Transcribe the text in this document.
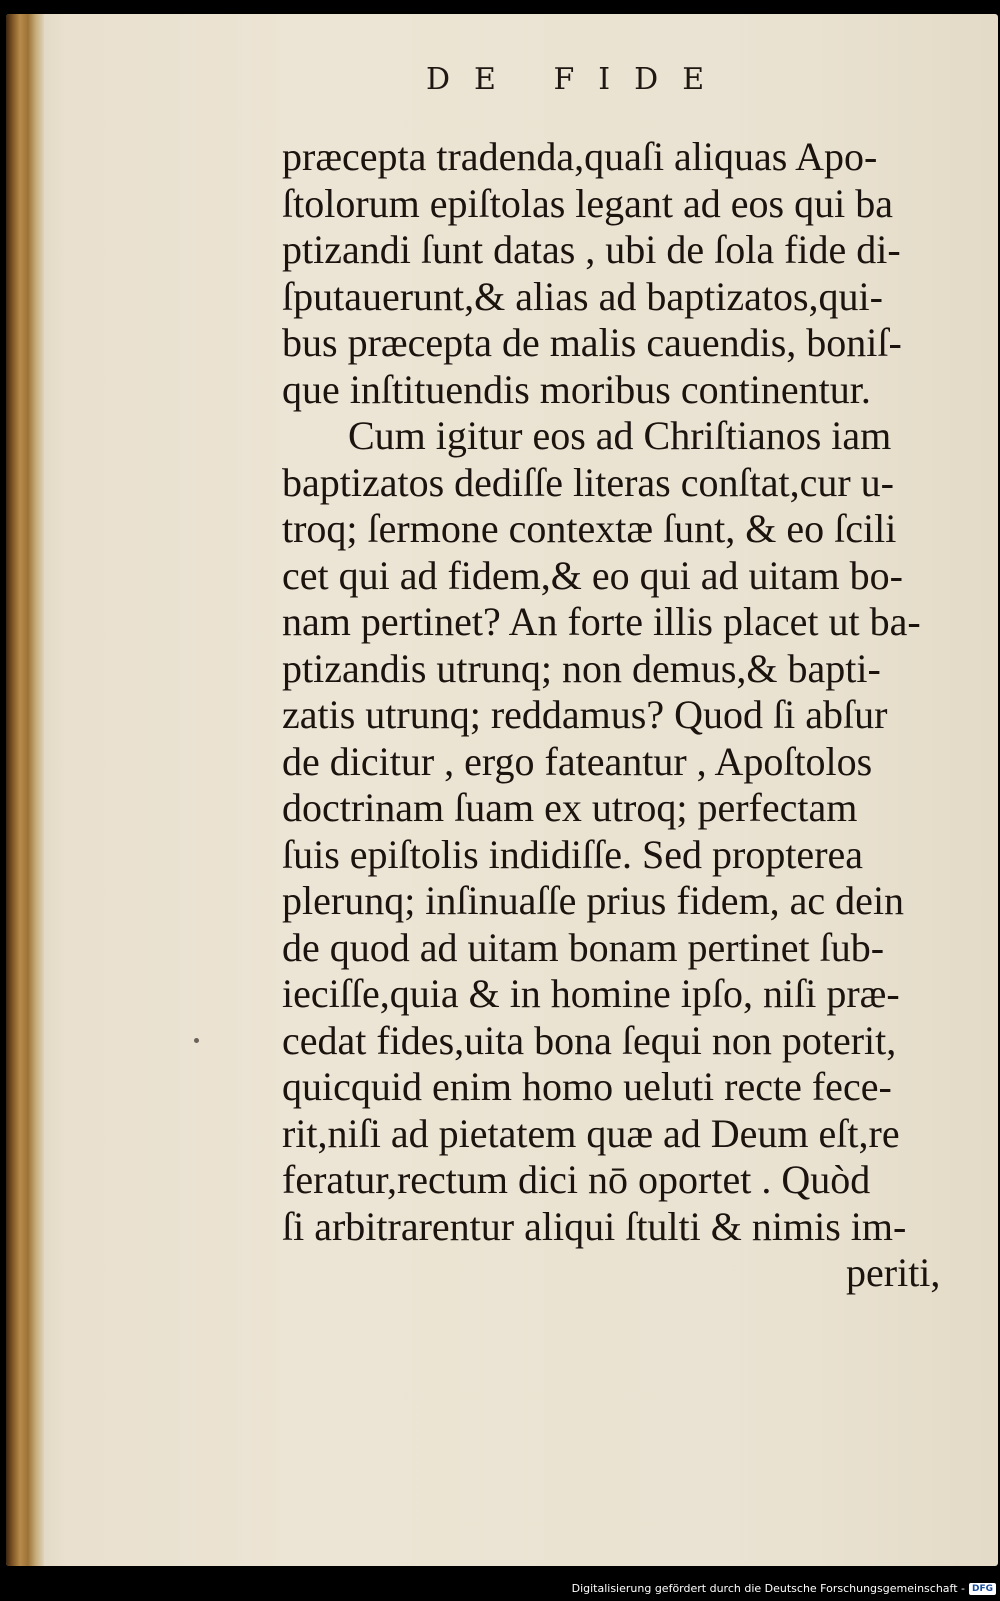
DE FIDE
præcepta tradenda,quaſi aliquas Apo-
ſtolorum epiſtolas legant ad eos qui ba
ptizandi ſunt datas , ubi de ſola fide di-
ſputauerunt,& alias ad baptizatos,qui-
bus præcepta de malis cauendis, boniſ-
que inſtituendis moribus continentur.
Cum igitur eos ad Chriſtianos iam
baptizatos dediſſe literas conſtat,cur u-
troq; ſermone contextæ ſunt, & eo ſcili
cet qui ad fidem,& eo qui ad uitam bo-
nam pertinet? An forte illis placet ut ba-
ptizandis utrunq; non demus,& bapti-
zatis utrunq; reddamus? Quod ſi abſur
de dicitur , ergo fateantur , Apoſtolos
doctrinam ſuam ex utroq; perfectam
ſuis epiſtolis indidiſſe. Sed propterea
plerunq; inſinuaſſe prius fidem, ac dein
de quod ad uitam bonam pertinet ſub-
ieciſſe,quia & in homine ipſo, niſi præ-
cedat fides,uita bona ſequi non poterit,
quicquid enim homo ueluti recte fece-
rit,niſi ad pietatem quæ ad Deum eſt,re
feratur,rectum dici nō oportet . Quòd
ſi arbitrarentur aliqui ſtulti & nimis im-
periti,
Digitalisierung gefördert durch die Deutsche Forschungsgemeinschaft - DFG
